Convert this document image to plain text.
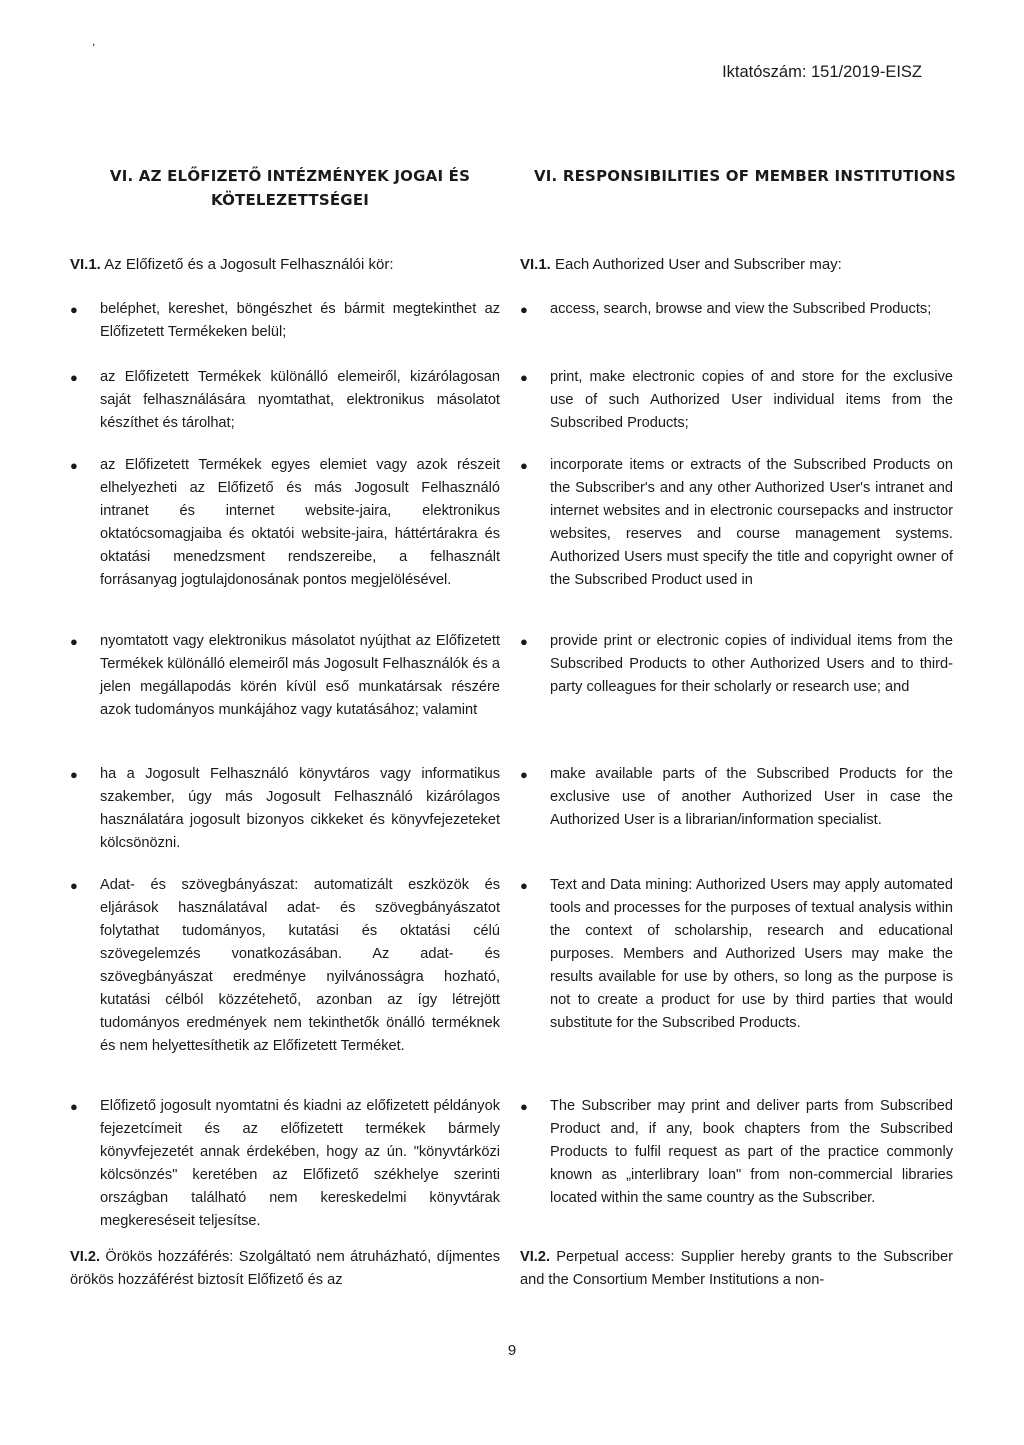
,
Iktatószám: 151/2019-EISZ
VI. AZ ELŐFIZETŐ INTÉZMÉNYEK JOGAI ÉS KÖTELEZETTSÉGEI
VI. RESPONSIBILITIES OF MEMBER INSTITUTIONS
VI.1. Az Előfizető és a Jogosult Felhasználói kör:
● beléphet, kereshet, böngészhet és bármit megtekinthet az Előfizetett Termékeken belül;
● az Előfizetett Termékek különálló elemeiről, kizárólagosan saját felhasználására nyomtathat, elektronikus másolatot készíthet és tárolhat;
● az Előfizetett Termékek egyes elemiet vagy azok részeit elhelyezheti az Előfizető és más Jogosult Felhasználó intranet és internet website-jaira, elektronikus oktatócsomagjaiba és oktatói website-jaira, háttértárakra és oktatási menedzsment rendszereibe, a felhasznált forrásanyag jogtulajdonosának pontos megjelölésével.
● nyomtatott vagy elektronikus másolatot nyújthat az Előfizetett Termékek különálló elemeiről más Jogosult Felhasználók és a jelen megállapodás körén kívül eső munkatársak részére azok tudományos munkájához vagy kutatásához; valamint
● ha a Jogosult Felhasználó könyvtáros vagy informatikus szakember, úgy más Jogosult Felhasználó kizárólagos használatára jogosult bizonyos cikkeket és könyvfejezeteket kölcsönözni.
● Adat- és szövegbányászat: automatizált eszközök és eljárások használatával adat- és szövegbányászatot folytathat tudományos, kutatási és oktatási célú szövegelemzés vonatkozásában. Az adat- és szövegbányászat eredménye nyilvánosságra hozható, kutatási célból közzétehető, azonban az így létrejött tudományos eredmények nem tekinthetők önálló terméknek és nem helyettesíthetik az Előfizetett Terméket.
● Előfizető jogosult nyomtatni és kiadni az előfizetett példányok fejezetcímeit és az előfizetett termékek bármely könyvfejezetét annak érdekében, hogy az ún. "könyvtárközi kölcsönzés" keretében az Előfizető székhelye szerinti országban található nem kereskedelmi könyvtárak megkereséseit teljesítse.
VI.2. Örökös hozzáférés: Szolgáltató nem átruházható, díjmentes örökös hozzáférést biztosít Előfizető és az
VI.1. Each Authorized User and Subscriber may:
● access, search, browse and view the Subscribed Products;
● print, make electronic copies of and store for the exclusive use of such Authorized User individual items from the Subscribed Products;
● incorporate items or extracts of the Subscribed Products on the Subscriber's and any other Authorized User's intranet and internet websites and in electronic coursepacks and instructor websites, reserves and course management systems. Authorized Users must specify the title and copyright owner of the Subscribed Product used in
● provide print or electronic copies of individual items from the Subscribed Products to other Authorized Users and to third-party colleagues for their scholarly or research use; and
● make available parts of the Subscribed Products for the exclusive use of another Authorized User in case the Authorized User is a librarian/information specialist.
● Text and Data mining: Authorized Users may apply automated tools and processes for the purposes of textual analysis within the context of scholarship, research and educational purposes. Members and Authorized Users may make the results available for use by others, so long as the purpose is not to create a product for use by third parties that would substitute for the Subscribed Products.
● The Subscriber may print and deliver parts from Subscribed Product and, if any, book chapters from the Subscribed Products to fulfil request as part of the practice commonly known as „interlibrary loan" from non-commercial libraries located within the same country as the Subscriber.
VI.2. Perpetual access: Supplier hereby grants to the Subscriber and the Consortium Member Institutions a non-
9
